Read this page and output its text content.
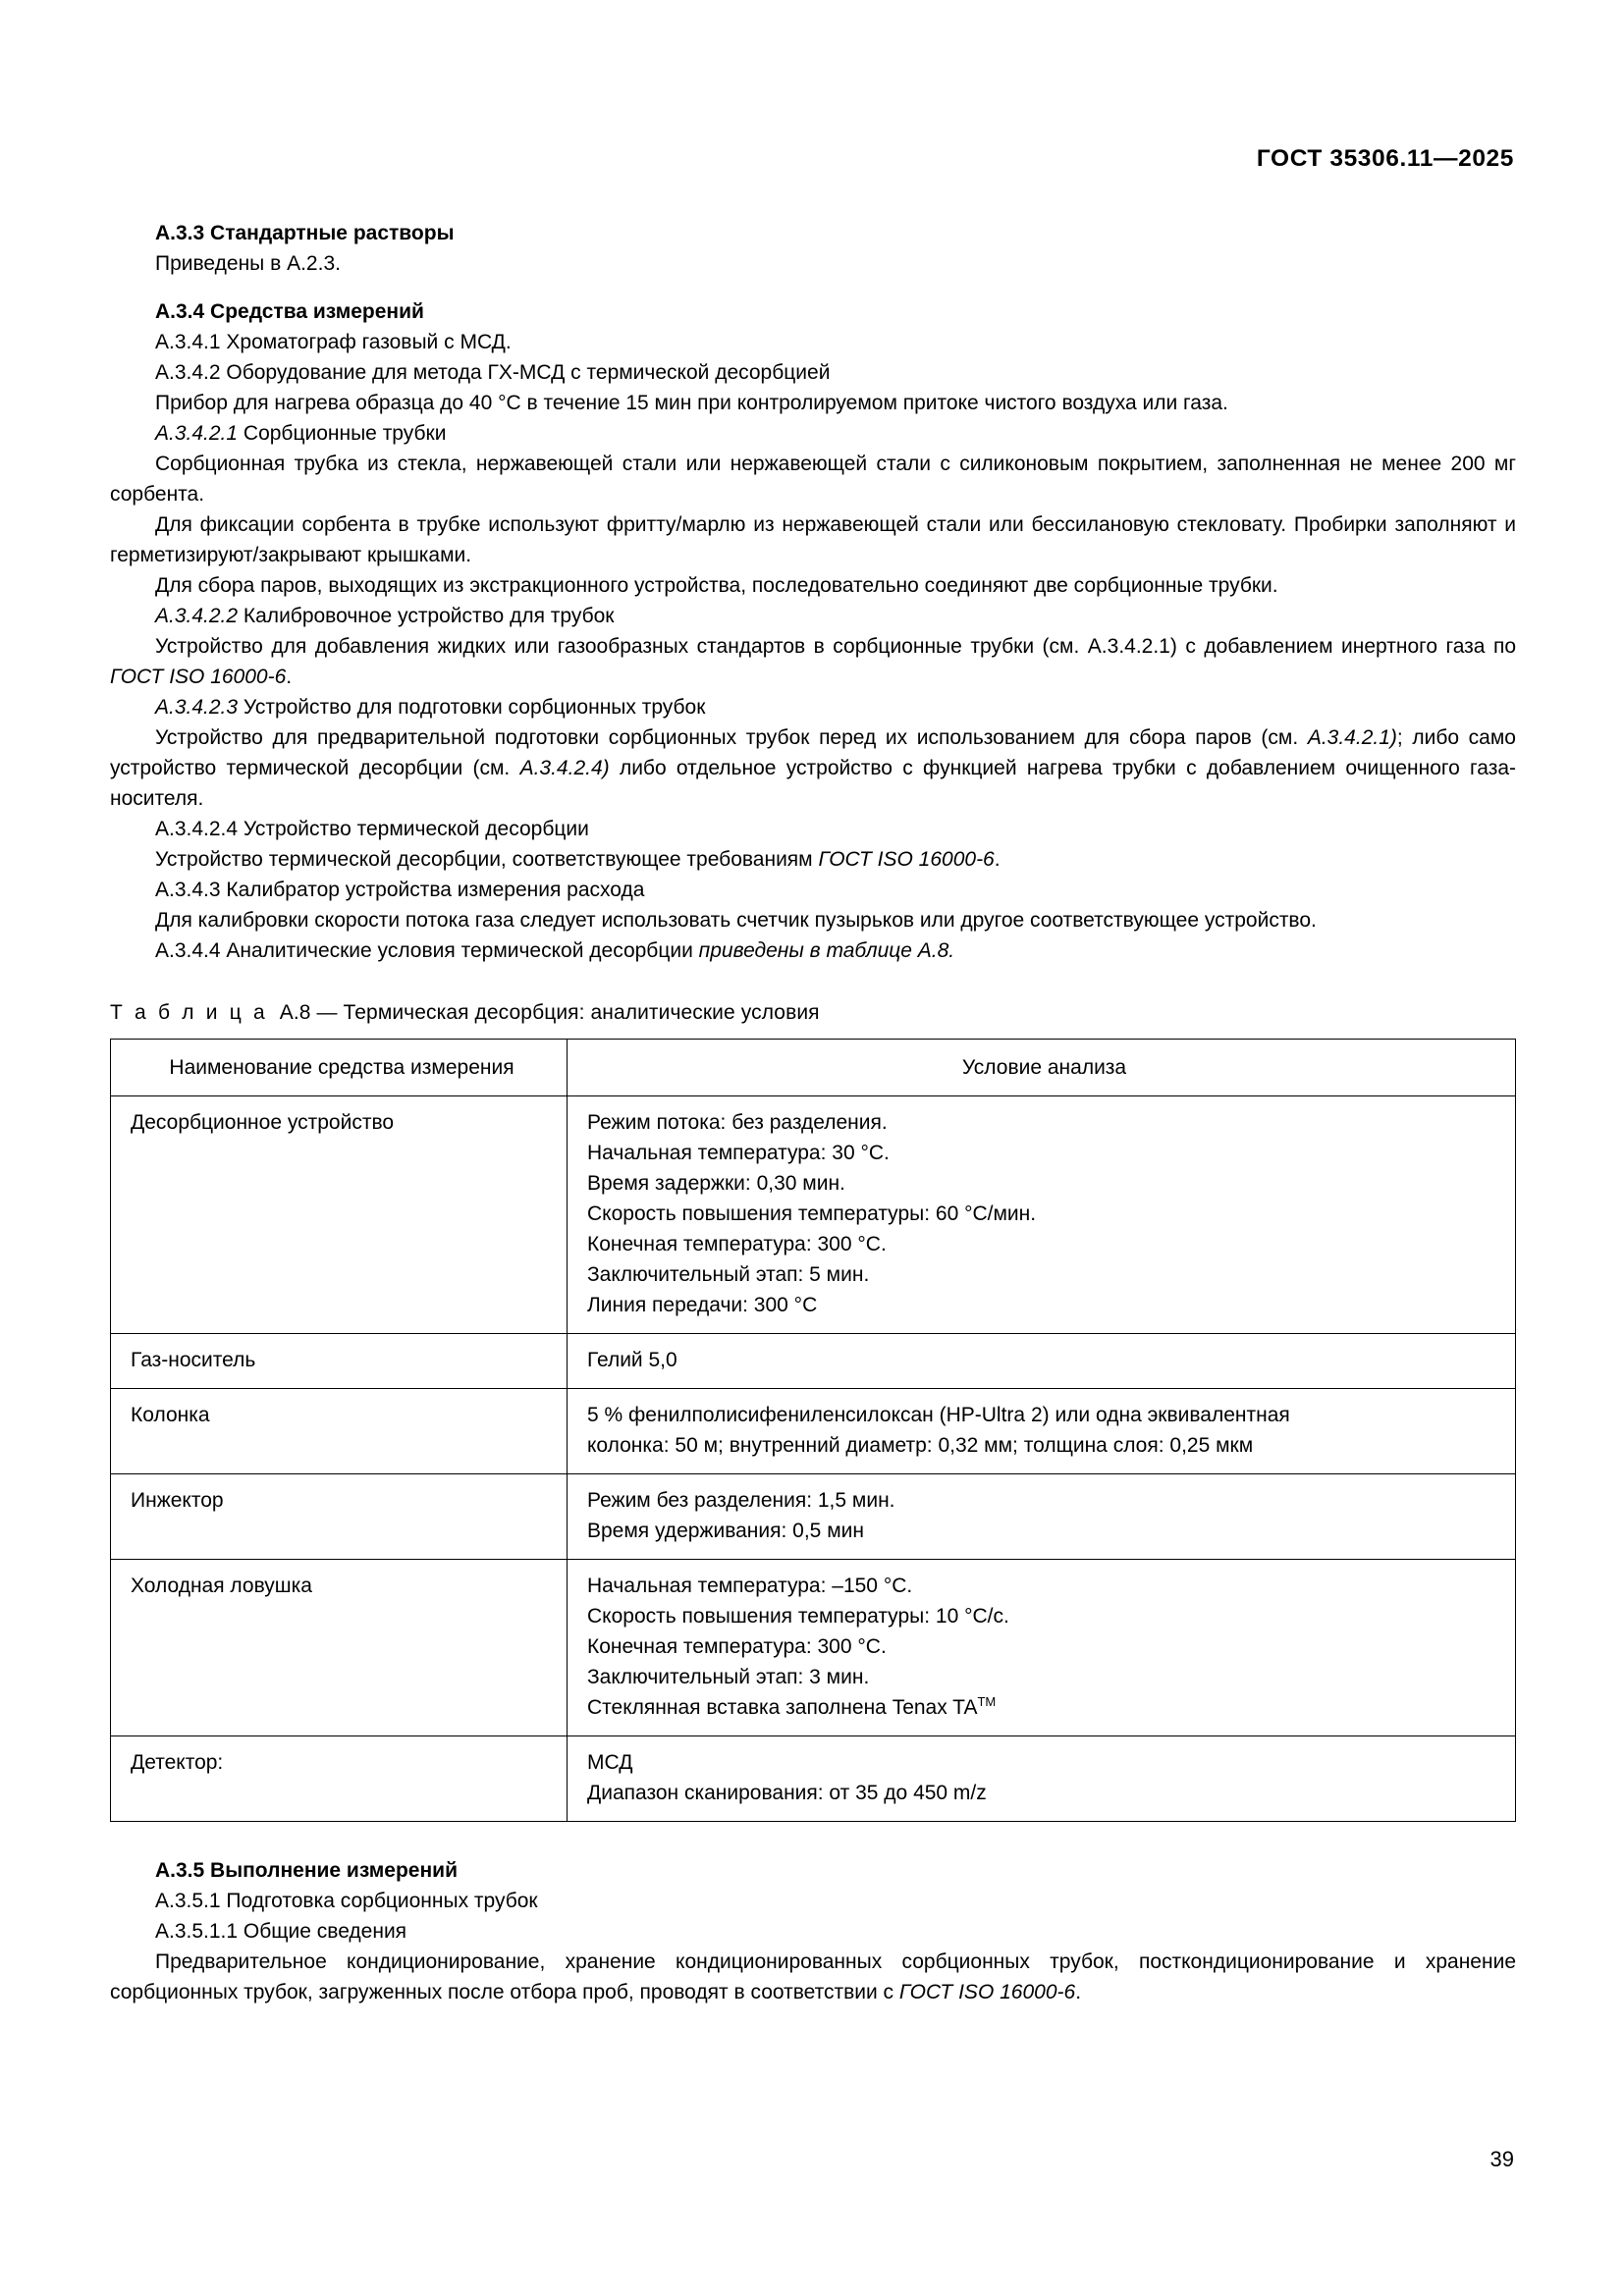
ГОСТ 35306.11—2025

А.3.3 Стандартные растворы

Приведены в А.2.3.

А.3.4 Средства измерений

А.3.4.1 Хроматограф газовый с МСД.

А.3.4.2 Оборудование для метода ГХ-МСД с термической десорбцией

Прибор для нагрева образца до 40 °C в течение 15 мин при контролируемом притоке чистого воздуха или газа.

А.3.4.2.1 Сорбционные трубки

Сорбционная трубка из стекла, нержавеющей стали или нержавеющей стали с силиконовым покрытием, заполненная не менее 200 мг сорбента.

Для фиксации сорбента в трубке используют фритту/марлю из нержавеющей стали или бессилановую стекловату. Пробирки заполняют и герметизируют/закрывают крышками.

Для сбора паров, выходящих из экстракционного устройства, последовательно соединяют две сорбционные трубки.

А.3.4.2.2 Калибровочное устройство для трубок

Устройство для добавления жидких или газообразных стандартов в сорбционные трубки (см. А.3.4.2.1) с добавлением инертного газа по ГОСТ ISO 16000-6.

А.3.4.2.3 Устройство для подготовки сорбционных трубок

Устройство для предварительной подготовки сорбционных трубок перед их использованием для сбора паров (см. А.3.4.2.1); либо само устройство термической десорбции (см. А.3.4.2.4) либо отдельное устройство с функцией нагрева трубки с добавлением очищенного газа-носителя.

А.3.4.2.4 Устройство термической десорбции

Устройство термической десорбции, соответствующее требованиям ГОСТ ISO 16000-6.

А.3.4.3 Калибратор устройства измерения расхода

Для калибровки скорости потока газа следует использовать счетчик пузырьков или другое соответствующее устройство.

А.3.4.4 Аналитические условия термической десорбции приведены в таблице А.8.

Т а б л и ц а А.8 — Термическая десорбция: аналитические условия
Наименование средства измерения	Условие анализа
Десорбционное устройство	Режим потока: без разделения.
Начальная температура: 30 °C.
Время задержки: 0,30 мин.
Скорость повышения температуры: 60 °C/мин.
Конечная температура: 300 °C.
Заключительный этап: 5 мин.
Линия передачи: 300 °C

Газ-носитель	Гелий 5,0

Колонка	5 % фенилполисифениленсилоксан (HP-Ultra 2) или одна эквивалентная
колонка: 50 м; внутренний диаметр: 0,32 мм; толщина слоя: 0,25 мкм

Инжектор	Режим без разделения: 1,5 мин.
Время удерживания: 0,5 мин

Холодная ловушка	Начальная температура: –150 °C.
Скорость повышения температуры: 10 °C/c.
Конечная температура: 300 °C.
Заключительный этап: 3 мин.
Стеклянная вставка заполнена Tenax TA™

Детектор:	МСД
Диапазон сканирования: от 35 до 450 m/z

А.3.5 Выполнение измерений

А.3.5.1 Подготовка сорбционных трубок

А.3.5.1.1 Общие сведения

Предварительное кондиционирование, хранение кондиционированных сорбционных трубок, посткондиционирование и хранение сорбционных трубок, загруженных после отбора проб, проводят в соответствии с ГОСТ ISO 16000-6.

39
